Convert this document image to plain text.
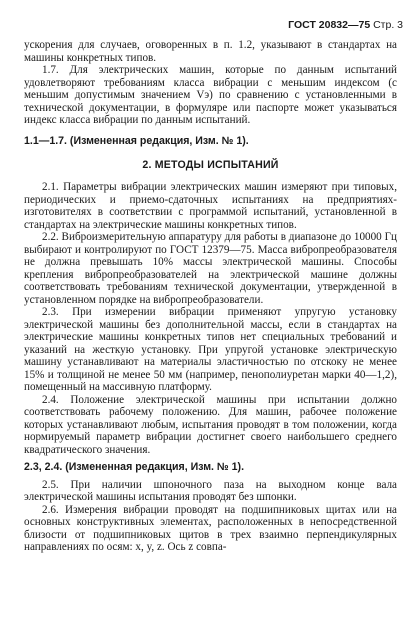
ГОСТ 20832—75 Стр. 3

ускорения для случаев, оговоренных в п. 1.2, указывают в стандартах на машины конкретных типов.

1.7. Для электрических машин, которые по данным испытаний удовлетворяют требованиям класса вибрации с меньшим индексом (с меньшим допустимым значением Vэ) по сравнению с установленными в технической документации, в формуляре или паспорте может указываться индекс класса вибрации по данным испытаний.

1.1—1.7. (Измененная редакция, Изм. № 1).

2. МЕТОДЫ ИСПЫТАНИЙ

2.1. Параметры вибрации электрических машин измеряют при типовых, периодических и приемо-сдаточных испытаниях на предприятиях-изготовителях в соответствии с программой испытаний, установленной в стандартах на электрические машины конкретных типов.

2.2. Виброизмерительную аппаратуру для работы в диапазоне до 10000 Гц выбирают и контролируют по ГОСТ 12379—75. Масса вибропреобразователя не должна превышать 10% массы электрической машины. Способы крепления вибропреобразователей на электрической машине должны соответствовать требованиям технической документации, утвержденной в установленном порядке на вибропреобразователи.

2.3. При измерении вибрации применяют упругую установку электрической машины без дополнительной массы, если в стандартах на электрические машины конкретных типов нет специальных требований и указаний на жесткую установку. При упругой установке электрическую машину устанавливают на материалы эластичностью по отскоку не менее 15% и толщиной не менее 50 мм (например, пенополиуретан марки 40—1,2), помещенный на массивную платформу.

2.4. Положение электрической машины при испытании должно соответствовать рабочему положению. Для машин, рабочее положение которых устанавливают любым, испытания проводят в том положении, когда нормируемый параметр вибрации достигнет своего наибольшего среднего квадратического значения.

2.3, 2.4. (Измененная редакция, Изм. № 1).

2.5. При наличии шпоночного паза на выходном конце вала электрической машины испытания проводят без шпонки.

2.6. Измерения вибрации проводят на подшипниковых щитах или на основных конструктивных элементах, расположенных в непосредственной близости от подшипниковых щитов в трех взаимно перпендикулярных направлениях по осям: x, y, z. Ось z совпа-
